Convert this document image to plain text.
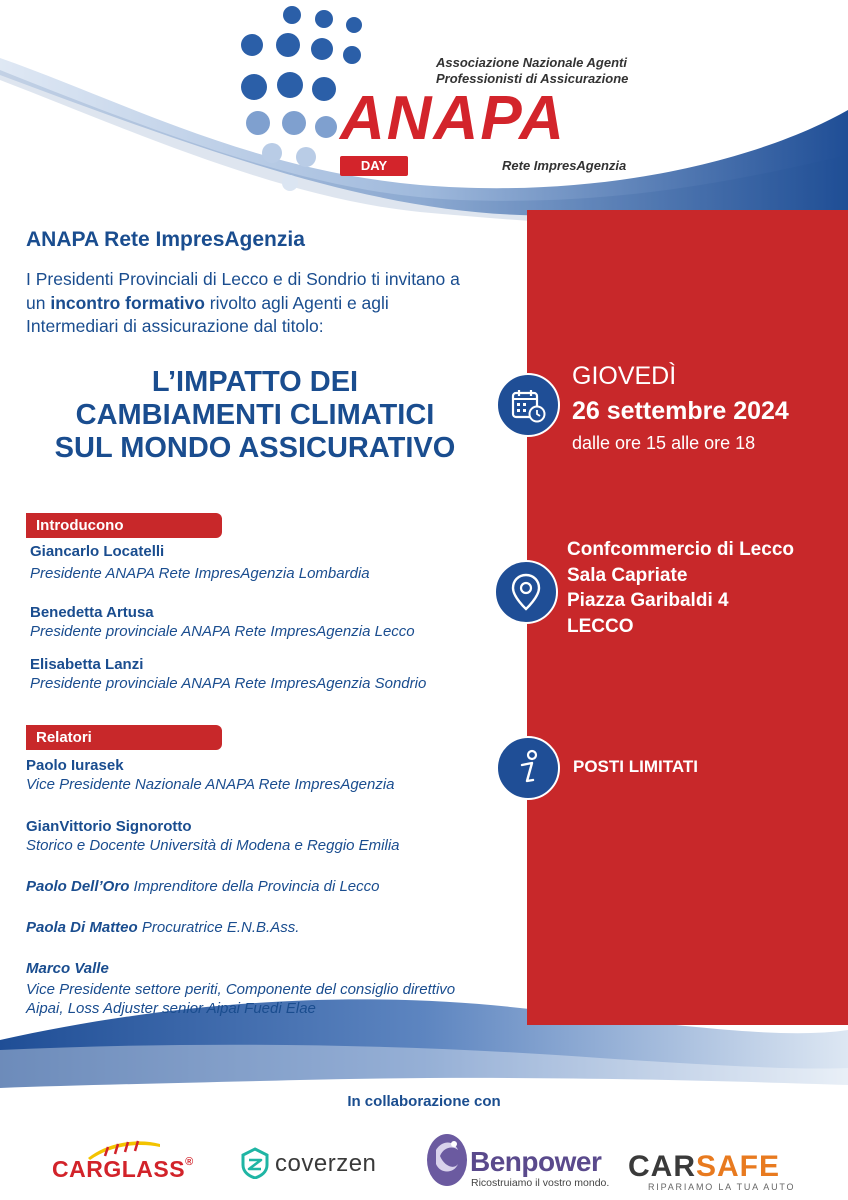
Associazione Nazionale Agenti
Professionisti di Assicurazione
ANAPA
DAY	Rete ImpresAgenzia
ANAPA Rete ImpresAgenzia
I Presidenti Provinciali di Lecco e di Sondrio ti invitano a un incontro formativo rivolto agli Agenti e agli Intermediari di assicurazione dal titolo:
L’IMPATTO DEI
CAMBIAMENTI CLIMATICI
SUL MONDO ASSICURATIVO
GIOVEDÌ
26 settembre 2024
dalle ore 15 alle ore 18
Confcommercio di Lecco
Sala Capriate
Piazza Garibaldi 4
LECCO
POSTI LIMITATI
Introducono
Giancarlo Locatelli
Presidente ANAPA Rete ImpresAgenzia Lombardia
Benedetta Artusa
Presidente provinciale ANAPA Rete ImpresAgenzia Lecco
Elisabetta Lanzi
Presidente provinciale ANAPA Rete ImpresAgenzia Sondrio
Relatori
Paolo Iurasek
Vice Presidente Nazionale ANAPA Rete ImpresAgenzia
GianVittorio Signorotto
Storico e Docente Università di Modena e Reggio Emilia
Paolo Dell’Oro Imprenditore della Provincia di Lecco
Paola Di Matteo Procuratrice E.N.B.Ass.
Marco Valle
Vice Presidente settore periti, Componente del consiglio direttivo
Aipai, Loss Adjuster senior Aipai Fuedi Elae
In collaborazione con
CARGLASS®	coverzen	Benpower
Ricostruiamo il vostro mondo. CARSAFE
RIPARIAMO LA TUA AUTO
